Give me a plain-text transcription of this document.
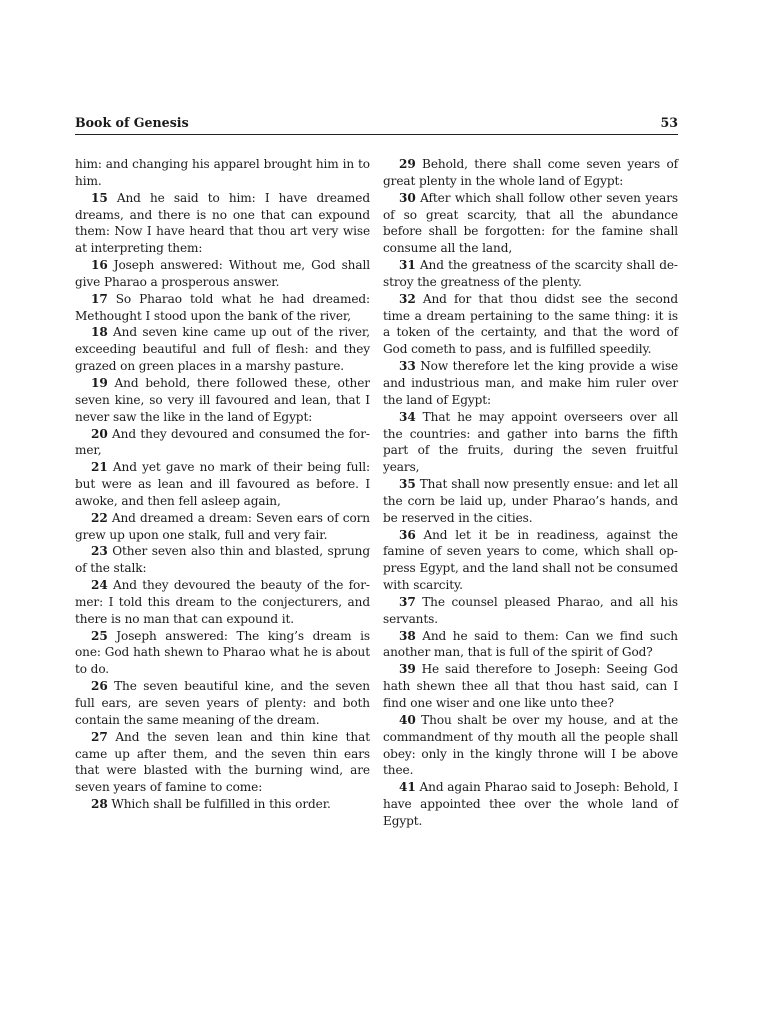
Book of Genesis	53

him: and changing his apparel brought him in to him.

15 And he said to him: I have dreamed dreams, and there is no one that can expound them: Now I have heard that thou art very wise at interpreting them:

16 Joseph answered: Without me, God shall give Pharao a prosperous answer.

17 So Pharao told what he had dreamed: Methought I stood upon the bank of the river,

18 And seven kine came up out of the river, exceeding beautiful and full of flesh: and they grazed on green places in a marshy pasture.

19 And behold, there followed these, other seven kine, so very ill favoured and lean, that I never saw the like in the land of Egypt:

20 And they devoured and consumed the former,

21 And yet gave no mark of their being full: but were as lean and ill favoured as before. I awoke, and then fell asleep again,

22 And dreamed a dream: Seven ears of corn grew up upon one stalk, full and very fair.

23 Other seven also thin and blasted, sprung of the stalk:

24 And they devoured the beauty of the former: I told this dream to the conjecturers, and there is no man that can expound it.

25 Joseph answered: The king’s dream is one: God hath shewn to Pharao what he is about to do.

26 The seven beautiful kine, and the seven full ears, are seven years of plenty: and both contain the same meaning of the dream.

27 And the seven lean and thin kine that came up after them, and the seven thin ears that were blasted with the burning wind, are seven years of famine to come:

28 Which shall be fulfilled in this order.

29 Behold, there shall come seven years of great plenty in the whole land of Egypt:

30 After which shall follow other seven years of so great scarcity, that all the abundance before shall be forgotten: for the famine shall consume all the land,

31 And the greatness of the scarcity shall destroy the greatness of the plenty.

32 And for that thou didst see the second time a dream pertaining to the same thing: it is a token of the certainty, and that the word of God cometh to pass, and is fulfilled speedily.

33 Now therefore let the king provide a wise and industrious man, and make him ruler over the land of Egypt:

34 That he may appoint overseers over all the countries: and gather into barns the fifth part of the fruits, during the seven fruitful years,

35 That shall now presently ensue: and let all the corn be laid up, under Pharao’s hands, and be reserved in the cities.

36 And let it be in readiness, against the famine of seven years to come, which shall oppress Egypt, and the land shall not be consumed with scarcity.

37 The counsel pleased Pharao, and all his servants.

38 And he said to them: Can we find such another man, that is full of the spirit of God?

39 He said therefore to Joseph: Seeing God hath shewn thee all that thou hast said, can I find one wiser and one like unto thee?

40 Thou shalt be over my house, and at the commandment of thy mouth all the people shall obey: only in the kingly throne will I be above thee.

41 And again Pharao said to Joseph: Behold, I have appointed thee over the whole land of Egypt.
